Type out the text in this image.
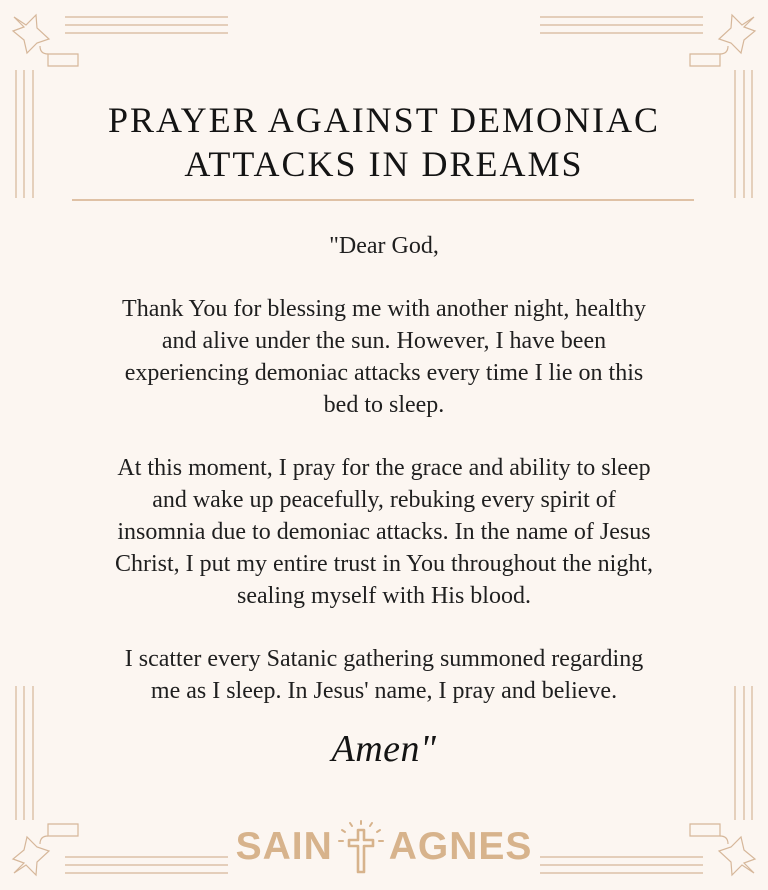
PRAYER AGAINST DEMONIAC
ATTACKS IN DREAMS

"Dear God,

Thank You for blessing me with another night, healthy
and alive under the sun. However, I have been
experiencing demoniac attacks every time I lie on this
bed to sleep.

At this moment, I pray for the grace and ability to sleep
and wake up peacefully, rebuking every spirit of
insomnia due to demoniac attacks. In the name of Jesus
Christ, I put my entire trust in You throughout the night,
sealing myself with His blood.

I scatter every Satanic gathering summoned regarding
me as I sleep. In Jesus' name, I pray and believe.

Amen"
SAIN AGNES
